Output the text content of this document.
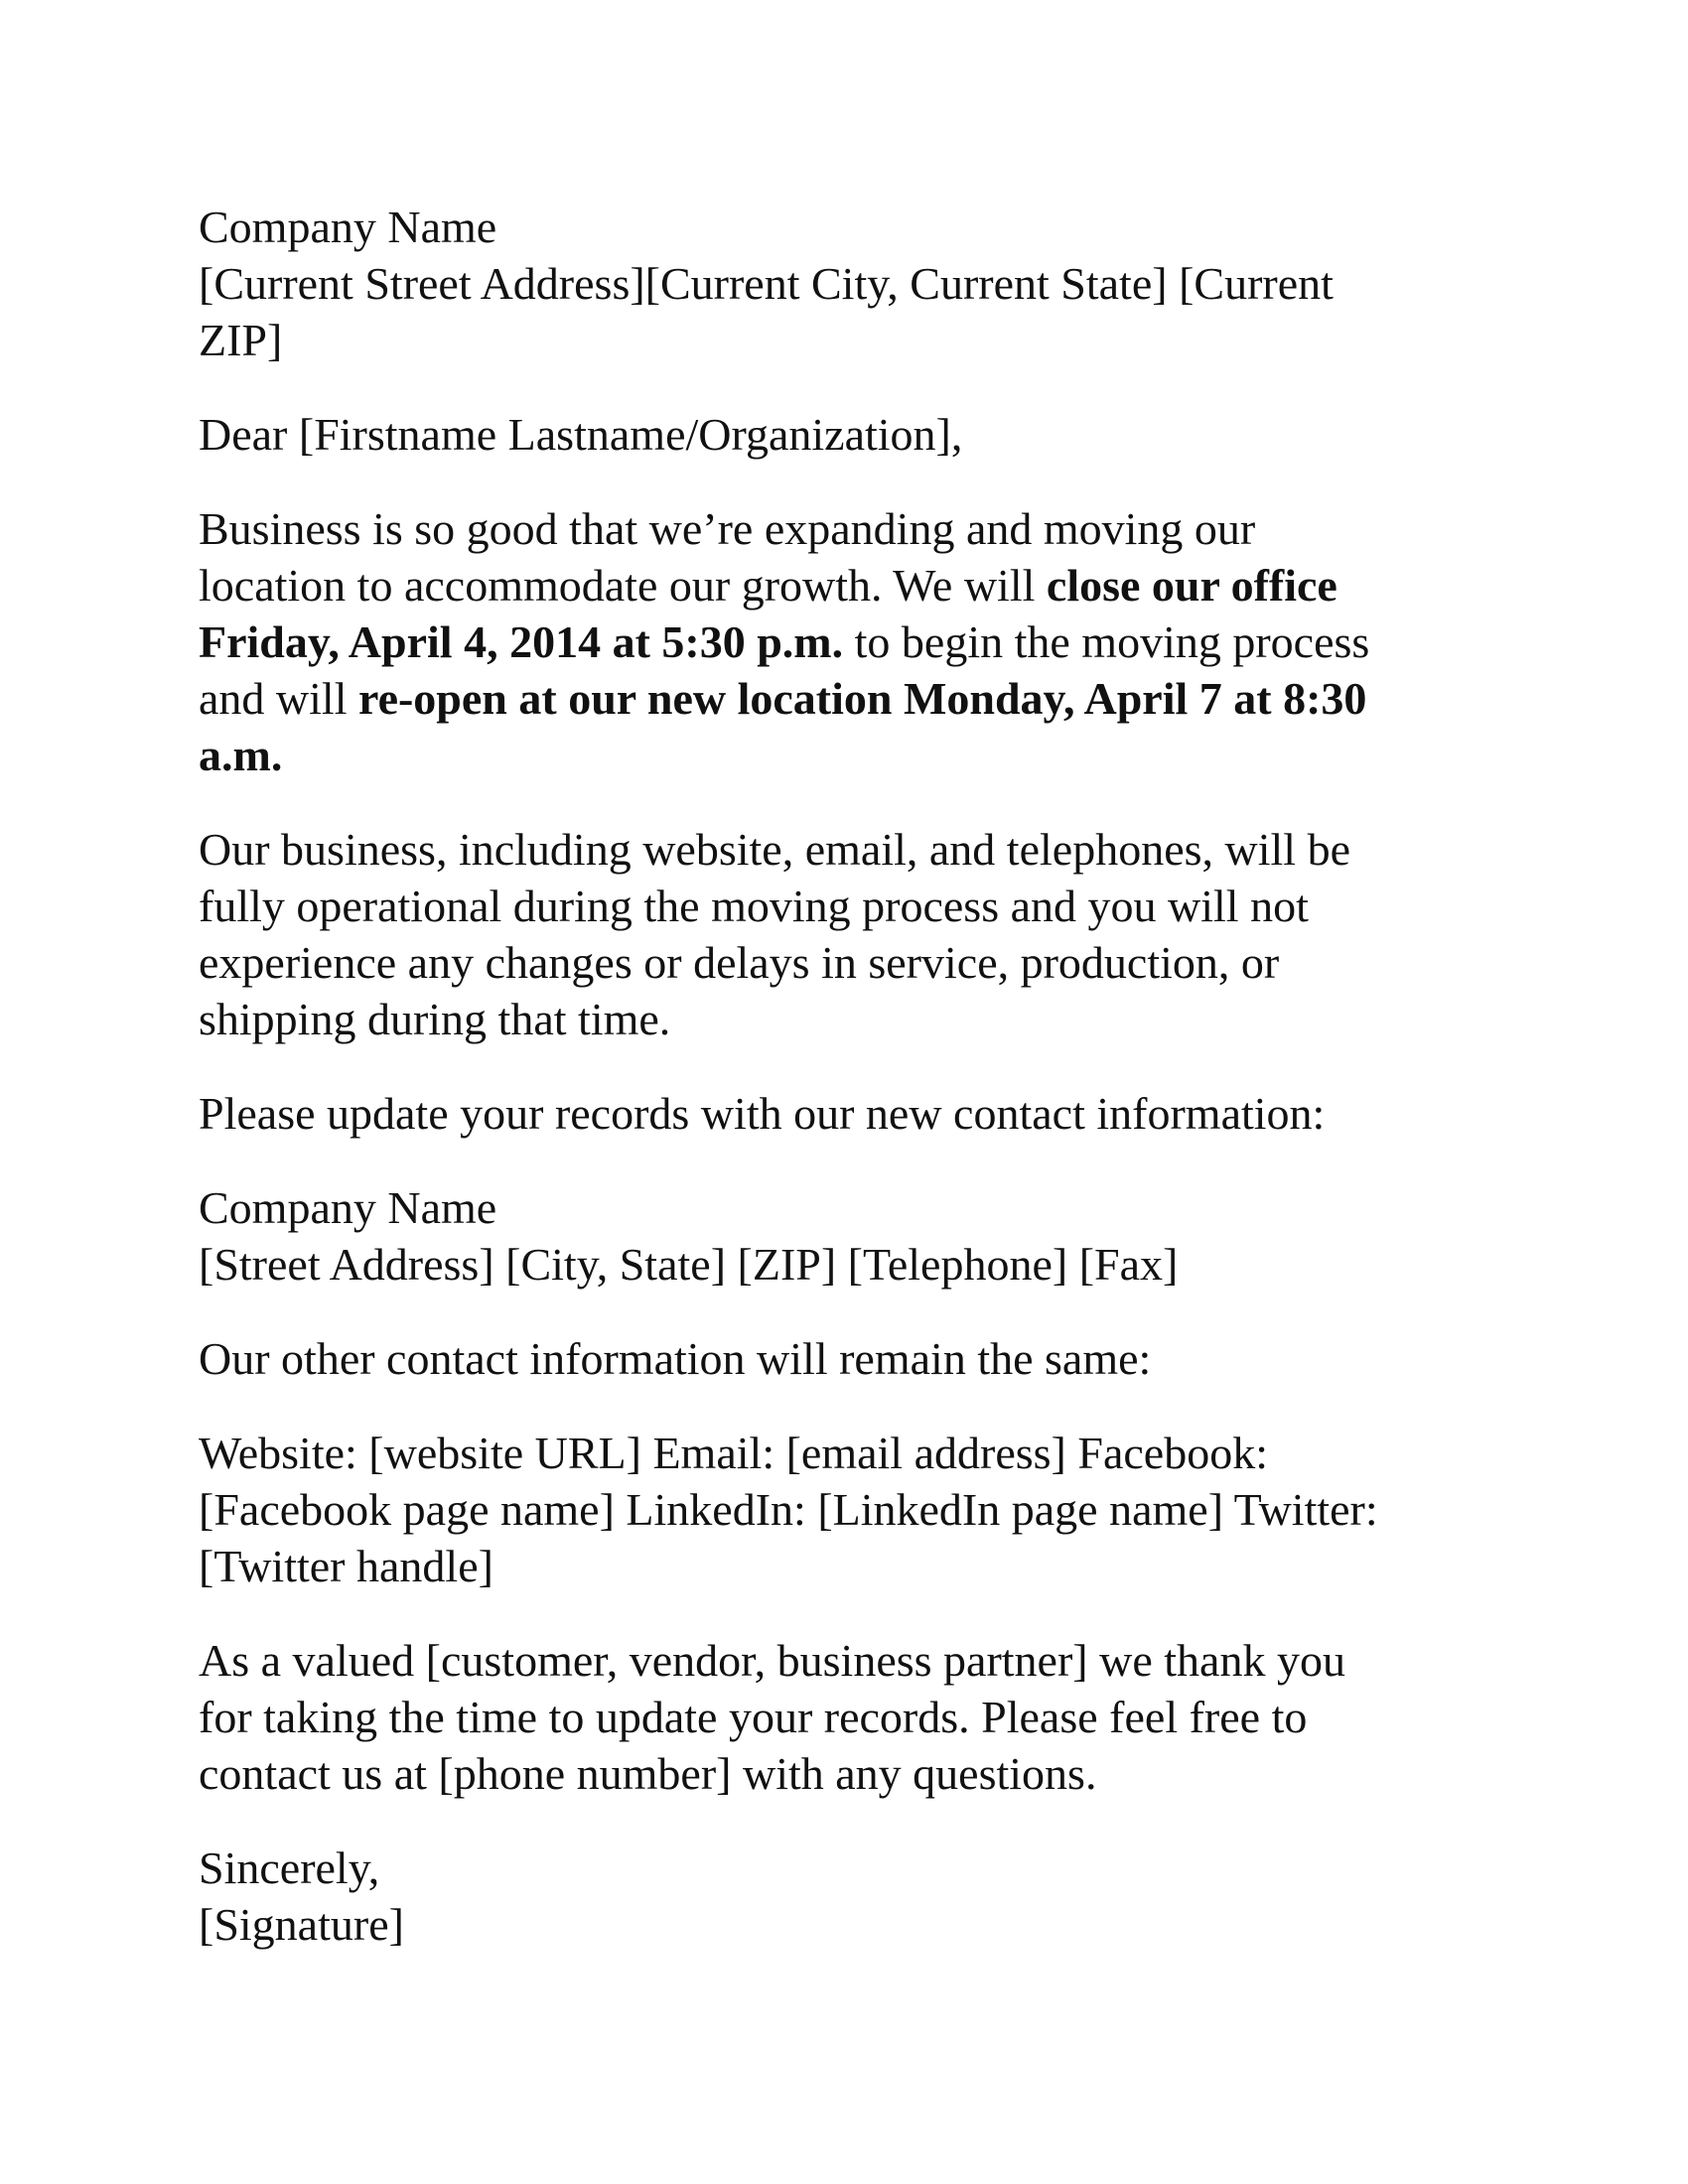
Company Name
[Current Street Address][Current City, Current State] [Current
ZIP]
Dear [Firstname Lastname/Organization],
Business is so good that we’re expanding and moving our
location to accommodate our growth. We will close our office
Friday, April 4, 2014 at 5:30 p.m. to begin the moving process
and will re-open at our new location Monday, April 7 at 8:30
a.m.
Our business, including website, email, and telephones, will be
fully operational during the moving process and you will not
experience any changes or delays in service, production, or
shipping during that time.
Please update your records with our new contact information:
Company Name
[Street Address] [City, State] [ZIP] [Telephone] [Fax]
Our other contact information will remain the same:
Website: [website URL] Email: [email address] Facebook:
[Facebook page name] LinkedIn: [LinkedIn page name] Twitter:
[Twitter handle]
As a valued [customer, vendor, business partner] we thank you
for taking the time to update your records. Please feel free to
contact us at [phone number] with any questions.
Sincerely,
[Signature]
